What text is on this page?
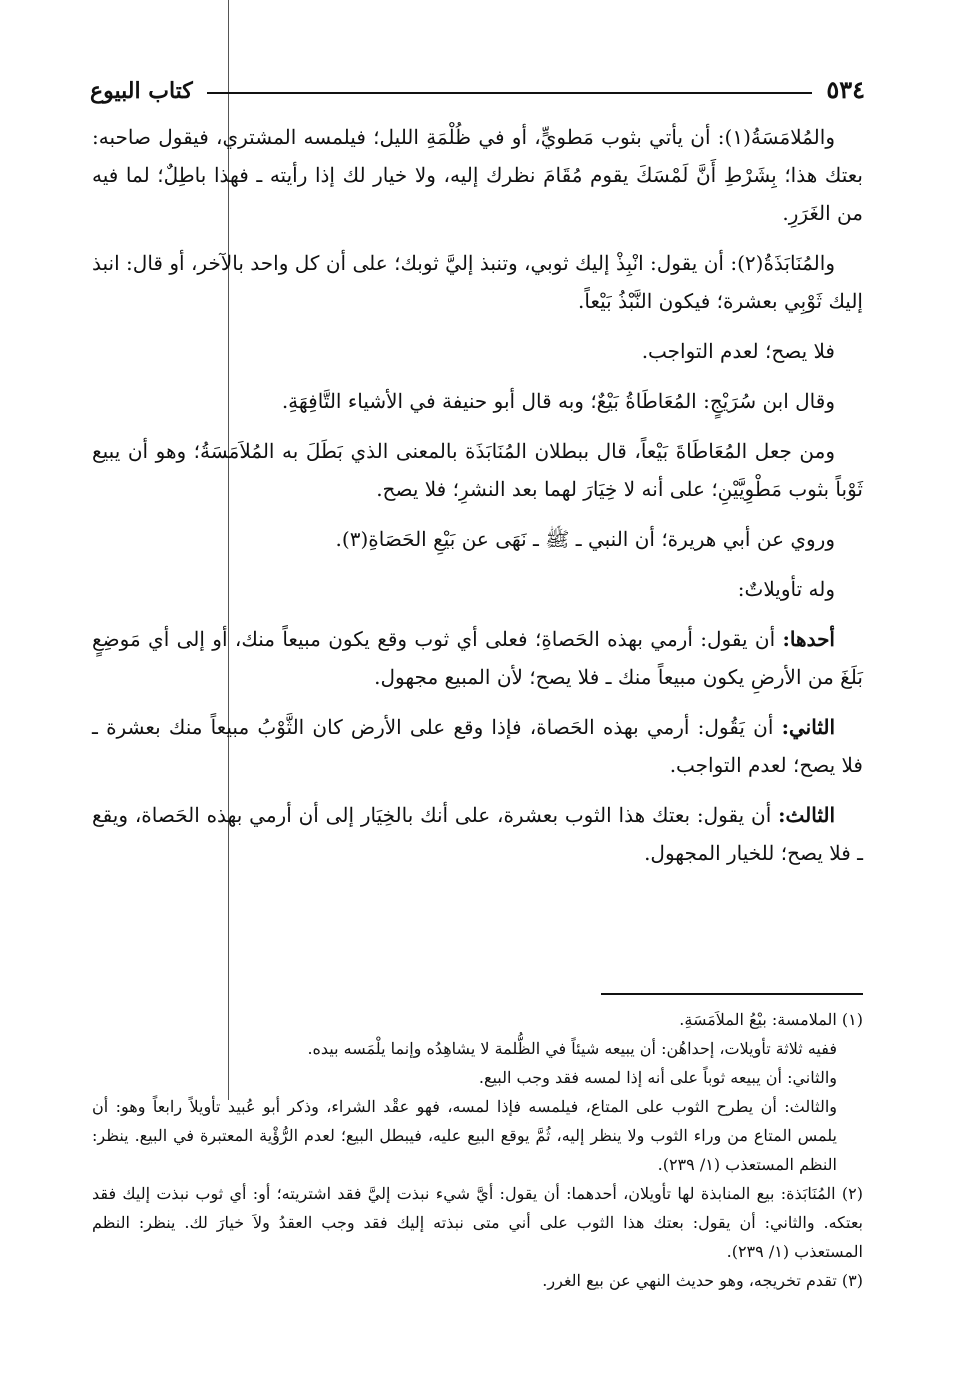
٥٣٤
كتاب البيوع

والمُلامَسَةُ(١): أن يأتي بثوب مَطويٍّ، أو في ظُلْمَةِ الليل؛ فيلمسه المشتري، فيقول صاحبه: بعتك هذا؛ بِشَرْطِ أَنَّ لَمْسَكَ يقوم مُقَامَ نظرك إليه، ولا خيار لك إذا رأيته ـ فهذا باطِلٌ؛ لما فيه من الغَرَرِ.

والمُنَابَذَةُ(٢): أن يقول: انْبِذْ إليك ثوبي، وتنبذ إليَّ ثوبك؛ على أن كل واحد بالآخر، أو قال: انبذ إليك ثَوْبِي بعشرة؛ فيكون النَّبْذُ بَيْعاً.

فلا يصح؛ لعدم التواجب.

وقال ابن سُرَيْجٍ: المُعَاطَاةُ بَيْعٌ؛ وبه قال أبو حنيفة في الأشياء التَّافِهَةِ.

ومن جعل المُعَاطَاةَ بَيْعاً، قال ببطلان المُنَابَذَة بالمعنى الذي بَطَلَ به المُلاَمَسَةُ؛ وهو أن يبيع ثَوْباً بثوب مَطْوِيَّيْنِ؛ على أنه لا خِيَارَ لهما بعد النشرِ؛ فلا يصح.

وروي عن أبي هريرة؛ أن النبي ـ ﷺ ـ نَهَى عن بَيْعِ الحَصَاةِ(٣).

وله تأويلاتٌ:

أحدها: أن يقول: أرمي بهذه الحَصاةِ؛ فعلى أي ثوب وقع يكون مبيعاً منك، أو إلى أي مَوضِعٍ بَلَغَ من الأرضِ يكون مبيعاً منك ـ فلا يصح؛ لأن المبيع مجهول.

الثاني: أن يَقُول: أرمي بهذه الحَصاة، فإذا وقع على الأرض كان الثَّوْبُ مبيعاً منك بعشرة ـ فلا يصح؛ لعدم التواجب.

الثالث: أن يقول: بعتك هذا الثوب بعشرة، على أنك بالخِيَار إلى أن أرمي بهذه الحَصاة، ويقع ـ فلا يصح؛ للخيار المجهول.

(١) الملامسة: بيْعُ الملاَمَسَةِ.

ففيه ثلاثة تأويلات، إحداهُن: أن يبيعه شيئاً في الظُّلمة لا يشاهِدُه وإنما يلْمَسه بيده.

والثاني: أن يبيعه ثوباً على أنه إذا لمسه فقد وجب البيع.

والثالث: أن يطرح الثوب على المتاع، فيلمسه فإذا لمسه، فهو عقْد الشراء، وذكر أبو عُبيد تأويلاً رابعاً وهو: أن يلمس المتاع من وراء الثوب ولا ينظر إليه، ثُمَّ يوقع البيع عليه، فيبطل البيع؛ لعدم الرُّؤْية المعتبرة في البيع. ينظر: النظم المستعذب (١/ ٢٣٩).

(٢) المُنَابَذة: بيع المنابذة لها تأويلان، أحدهما: أن يقول: أيَّ شيء نبذت إليَّ فقد اشتريته؛ أو: أي ثوب نبذت إليك فقد بعتكه. والثاني: أن يقول: بعتك هذا الثوب على أني متى نبذته إليك فقد وجب العقدُ ولاَ خيارَ لك. ينظر: النظم المستعذب (١/ ٢٣٩).

(٣) تقدم تخريجه، وهو حديث النهي عن بيع الغرر.
